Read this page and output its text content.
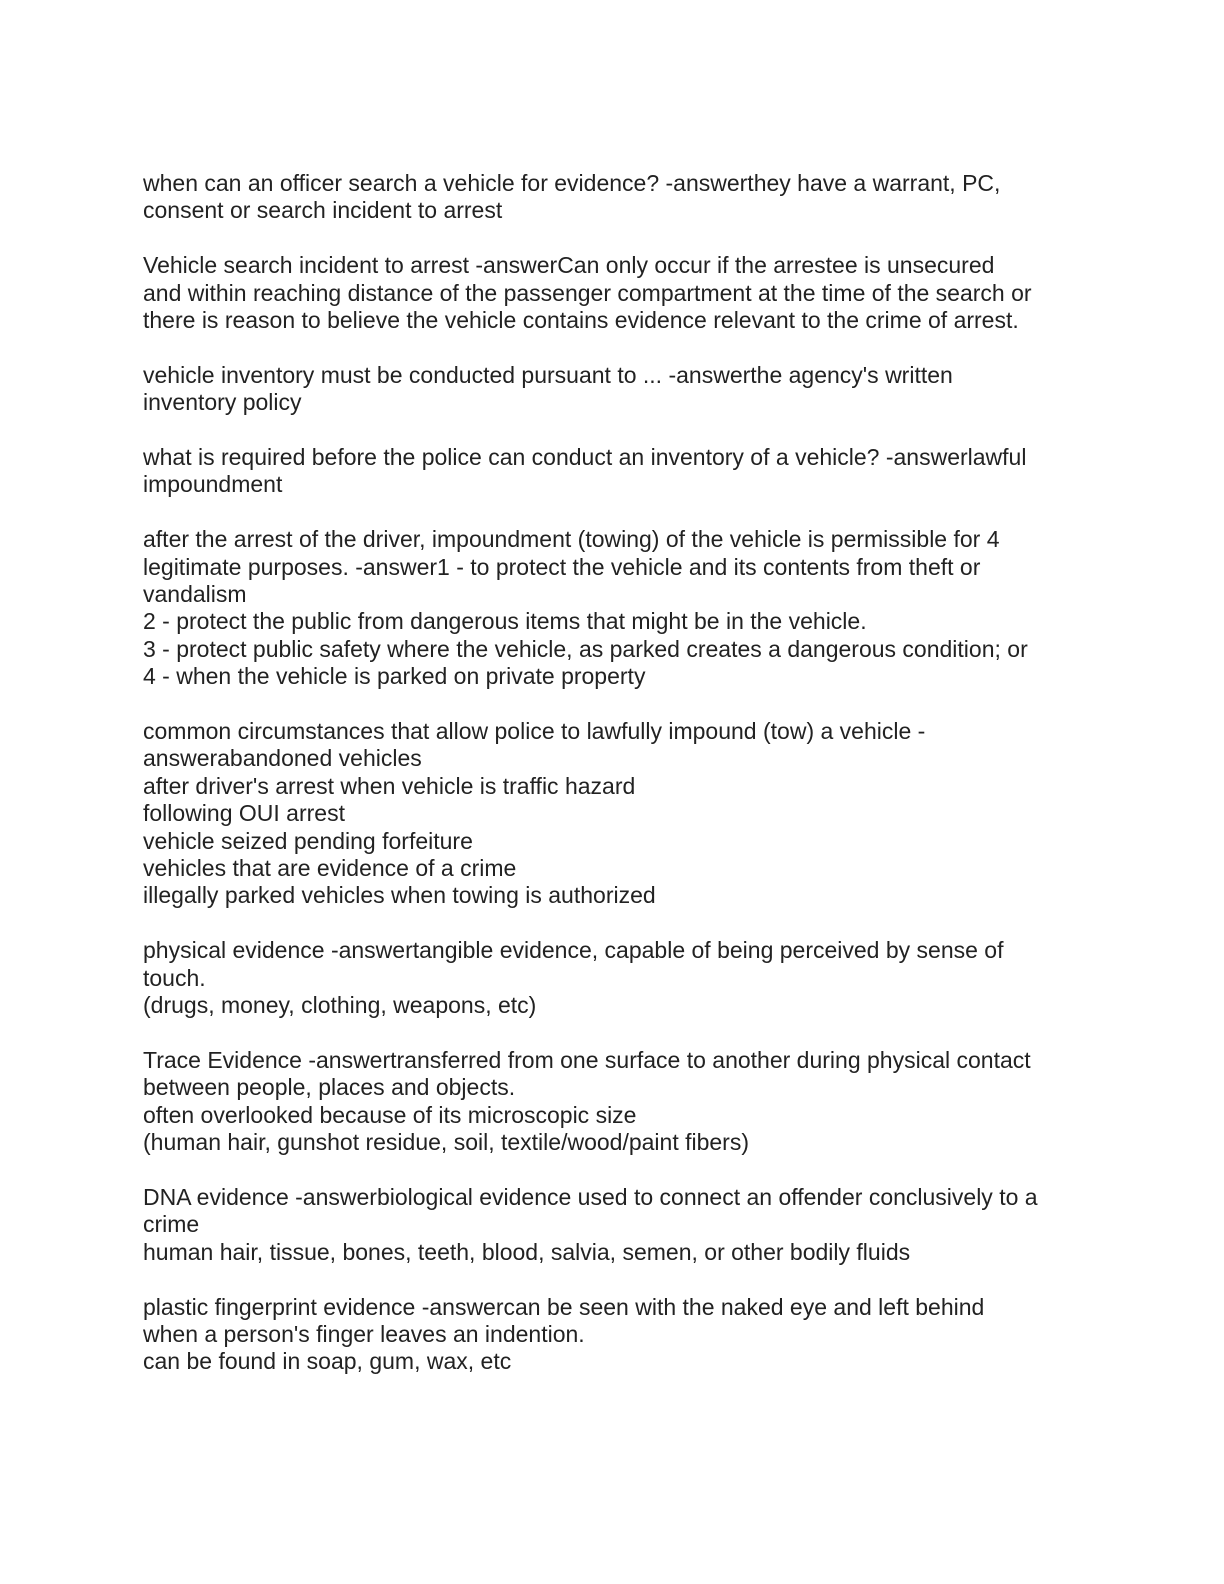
when can an officer search a vehicle for evidence? -answerthey have a warrant, PC,
consent or search incident to arrest
Vehicle search incident to arrest -answerCan only occur if the arrestee is unsecured
and within reaching distance of the passenger compartment at the time of the search or
there is reason to believe the vehicle contains evidence relevant to the crime of arrest.
vehicle inventory must be conducted pursuant to ... -answerthe agency's written
inventory policy
what is required before the police can conduct an inventory of a vehicle? -answerlawful
impoundment
after the arrest of the driver, impoundment (towing) of the vehicle is permissible for 4
legitimate purposes. -answer1 - to protect the vehicle and its contents from theft or
vandalism
2 - protect the public from dangerous items that might be in the vehicle.
3 - protect public safety where the vehicle, as parked creates a dangerous condition; or
4 - when the vehicle is parked on private property
common circumstances that allow police to lawfully impound (tow) a vehicle -
answerabandoned vehicles
after driver's arrest when vehicle is traffic hazard
following OUI arrest
vehicle seized pending forfeiture
vehicles that are evidence of a crime
illegally parked vehicles when towing is authorized
physical evidence -answertangible evidence, capable of being perceived by sense of
touch.
(drugs, money, clothing, weapons, etc)
Trace Evidence -answertransferred from one surface to another during physical contact
between people, places and objects.
often overlooked because of its microscopic size
(human hair, gunshot residue, soil, textile/wood/paint fibers)
DNA evidence -answerbiological evidence used to connect an offender conclusively to a
crime
human hair, tissue, bones, teeth, blood, salvia, semen, or other bodily fluids
plastic fingerprint evidence -answercan be seen with the naked eye and left behind
when a person's finger leaves an indention.
can be found in soap, gum, wax, etc
